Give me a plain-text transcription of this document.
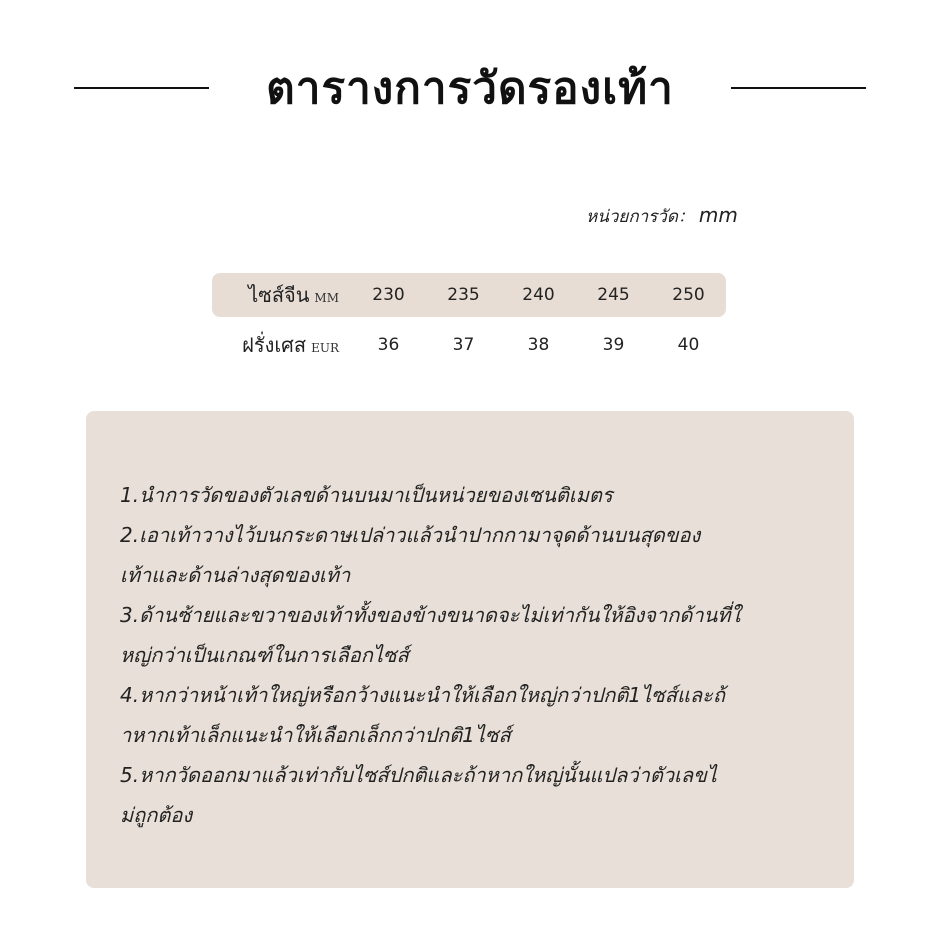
ตารางการวัดรองเท้า
หน่วยการวัด： mm
ไซส์จีน MM	230	235	240	245	250
ฝรั่งเศส EUR	36	37	38	39	40
1.นำการวัดของตัวเลขด้านบนมาเป็นหน่วยของเซนติเมตร
2.เอาเท้าวางไว้บนกระดาษเปล่าวแล้วนำปากกามาจุดด้านบนสุดของ
เท้าและด้านล่างสุดของเท้า
3.ด้านซ้ายและขวาของเท้าทั้งของข้างขนาดจะไม่เท่ากันให้อิงจากด้านที่ใ
หญ่กว่าเป็นเกณฑ์ในการเลือกไซส์
4.หากว่าหน้าเท้าใหญ่หรือกว้างแนะนำให้เลือกใหญ่กว่าปกติ1ไซส์และถ้
าหากเท้าเล็กแนะนำให้เลือกเล็กกว่าปกติ1ไซส์
5.หากวัดออกมาแล้วเท่ากับไซส์ปกติและถ้าหากใหญ่นั้นแปลว่าตัวเลขไ
ม่ถูกต้อง
